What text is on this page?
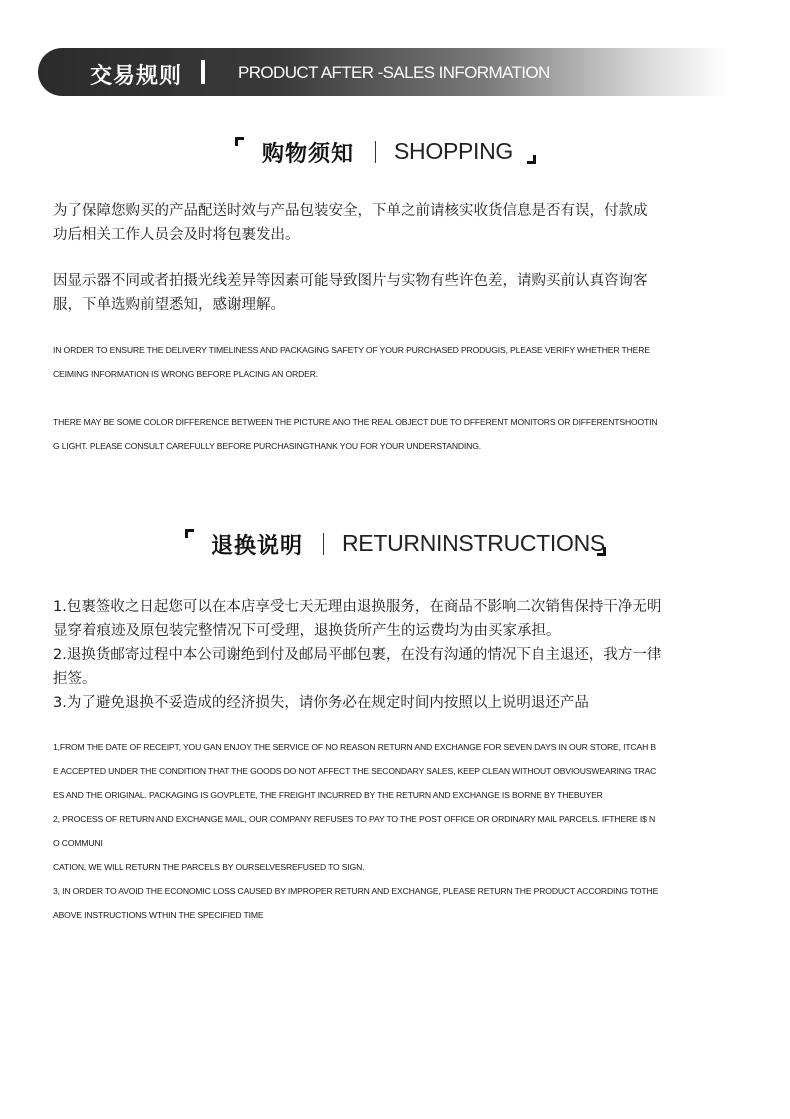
交易规则	PRODUCT AFTER -SALES INFORMATION
购物须知 SHOPPING
为了保障您购买的产品配送时效与产品包装安全，下单之前请核实收货信息是否有误，付款成
功后相关工作人员会及时将包裹发出。
因显示器不同或者拍摄光线差异等因素可能导致图片与实物有些许色差，请购买前认真咨询客
服，下单选购前望悉知，感谢理解。
IN ORDER TO ENSURE THE DELIVERY TIMELINESS AND PACKAGING SAFETY OF YOUR PURCHASED PRODUGIS, PLEASE VERIFY WHETHER THERE
CEIMING INFORMATION IS WRONG BEFORE PLACING AN ORDER.
THERE MAY BE SOME COLOR DIFFERENCE BETWEEN THE PICTURE ANO THE REAL OBJECT DUE TO DFFERENT MONITORS OR DIFFERENTSHOOTIN
G LIGHT. PLEASE CONSULT CAREFULLY BEFORE PURCHASINGTHANK YOU FOR YOUR UNDERSTANDING.
退换说明 RETURNINSTRUCTIONS
1.包裹签收之日起您可以在本店享受七天无理由退换服务，在商品不影响二次销售保持干净无明
显穿着痕迹及原包装完整情况下可受理，退换货所产生的运费均为由买家承担。
2.退换货邮寄过程中本公司谢绝到付及邮局平邮包裹，在没有沟通的情况下自主退还，我方一律
拒签。
3.为了避免退换不妥造成的经济损失，请你务必在规定时间内按照以上说明退还产品
1,FROM THE DATE OF RECEIPT, YOU GAN ENJOY THE SERVICE OF NO REASON RETURN AND EXCHANGE FOR SEVEN DAYS IN OUR STORE, ITCAH B
E ACCEPTED UNDER THE CONDITION THAT THE GOODS DO NOT AFFECT THE SECONDARY SALES, KEEP CLEAN WITHOUT OBVIOUSWEARING TRAC
ES AND THE ORIGINAL. PACKAGING IS GOVPLETE, THE FREIGHT INCURRED BY THE RETURN AND EXCHANGE IS BORNE BY THEBUYER
2, PROCESS OF RETURN AND EXCHANGE MAIL, OUR COMPANY REFUSES TO PAY TO THE POST OFFICE OR ORDINARY MAIL PARCELS. IFTHERE I$ N
O COMMUNI
CATION, WE WILL RETURN THE PARCELS BY OURSELVESREFUSED TO SIGN.
3, IN ORDER TO AVOID THE ECONOMIC LOSS CAUSED BY IMPROPER RETURN AND EXCHANGE, PLEASE RETURN THE PRODUCT ACCORDING TOTHE
ABOVE INSTRUCTIONS WTHIN THE SPECIFIED TIME
